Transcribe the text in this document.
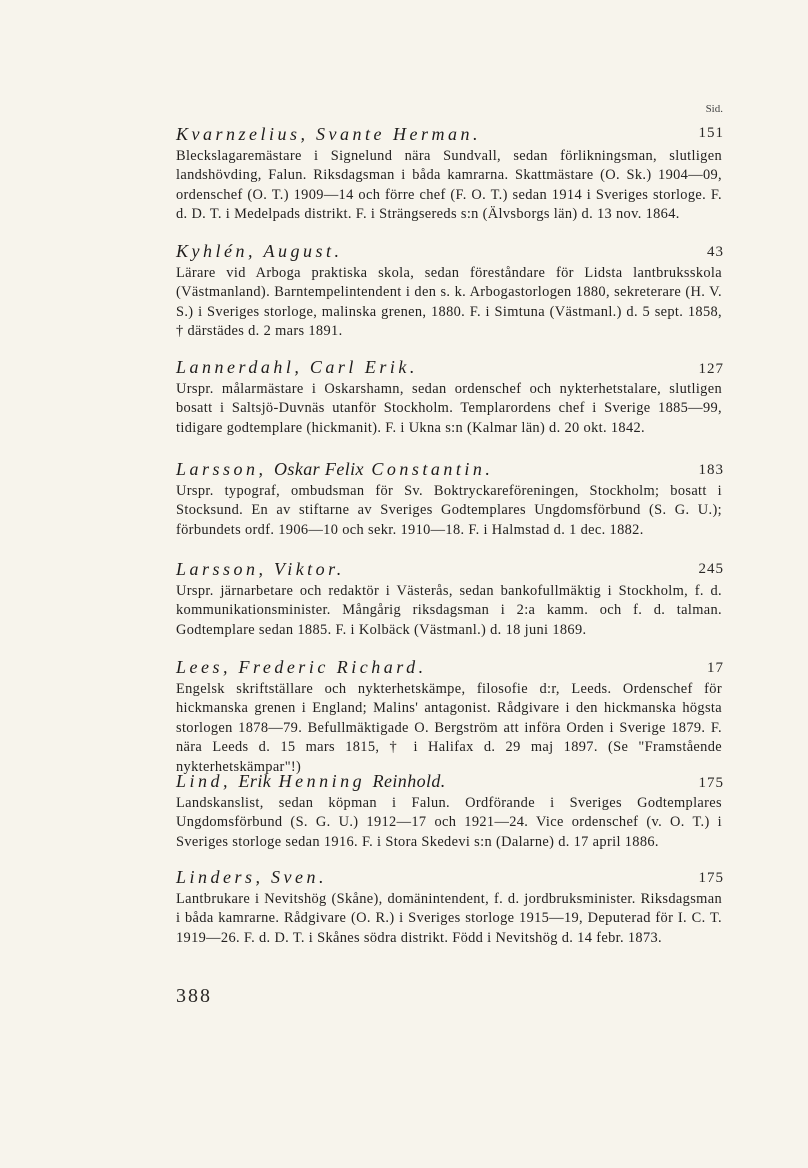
Sid.
Kvarnzelius, Svante Herman.
Bleckslagaremästare i Signelund nära Sundvall, sedan förlikningsman, slutligen landshövding, Falun. Riksdagsman i båda kamrarna. Skattmästare (O. Sk.) 1904—09, ordenschef (O. T.) 1909—14 och förre chef (F. O. T.) sedan 1914 i Sveriges storloge. F. d. D. T. i Medelpads distrikt. F. i Strängsereds s:n (Älvsborgs län) d. 13 nov. 1864.
151
Kyhlén, August.
Lärare vid Arboga praktiska skola, sedan föreståndare för Lidsta lantbruksskola (Västmanland). Barntempelintendent i den s. k. Arbogastorlogen 1880, sekreterare (H. V. S.) i Sveriges storloge, malinska grenen, 1880. F. i Simtuna (Västmanl.) d. 5 sept. 1858, † därstädes d. 2 mars 1891.
43
Lannerdahl, Carl Erik.
Urspr. målarmästare i Oskarshamn, sedan ordenschef och nykterhetstalare, slutligen bosatt i Saltsjö-Duvnäs utanför Stockholm. Templarordens chef i Sverige 1885—99, tidigare godtemplare (hickmanit). F. i Ukna s:n (Kalmar län) d. 20 okt. 1842.
127
Larsson, Oskar Felix Constantin.
Urspr. typograf, ombudsman för Sv. Boktryckareföreningen, Stockholm; bosatt i Stocksund. En av stiftarne av Sveriges Godtemplares Ungdomsförbund (S. G. U.); förbundets ordf. 1906—10 och sekr. 1910—18. F. i Halmstad d. 1 dec. 1882.
183
Larsson, Viktor.
Urspr. järnarbetare och redaktör i Västerås, sedan bankofullmäktig i Stockholm, f. d. kommunikationsminister. Mångårig riksdagsman i 2:a kamm. och f. d. talman. Godtemplare sedan 1885. F. i Kolbäck (Västmanl.) d. 18 juni 1869.
245
Lees, Frederic Richard.
Engelsk skriftställare och nykterhetskämpe, filosofie d:r, Leeds. Ordenschef för hickmanska grenen i England; Malins' antagonist. Rådgivare i den hickmanska högsta storlogen 1878—79. Befullmäktigade O. Bergström att införa Orden i Sverige 1879. F. nära Leeds d. 15 mars 1815, † i Halifax d. 29 maj 1897. (Se "Framstående nykterhetskämpar"!)
17
Lind, Erik Henning Reinhold.
Landskanslist, sedan köpman i Falun. Ordförande i Sveriges Godtemplares Ungdomsförbund (S. G. U.) 1912—17 och 1921—24. Vice ordenschef (v. O. T.) i Sveriges storloge sedan 1916. F. i Stora Skedevi s:n (Dalarne) d. 17 april 1886.
175
Linders, Sven.
Lantbrukare i Nevitshög (Skåne), domänintendent, f. d. jordbruksminister. Riksdagsman i båda kamrarne. Rådgivare (O. R.) i Sveriges storloge 1915—19, Deputerad för I. C. T. 1919—26. F. d. D. T. i Skånes södra distrikt. Född i Nevitshög d. 14 febr. 1873.
175
388
